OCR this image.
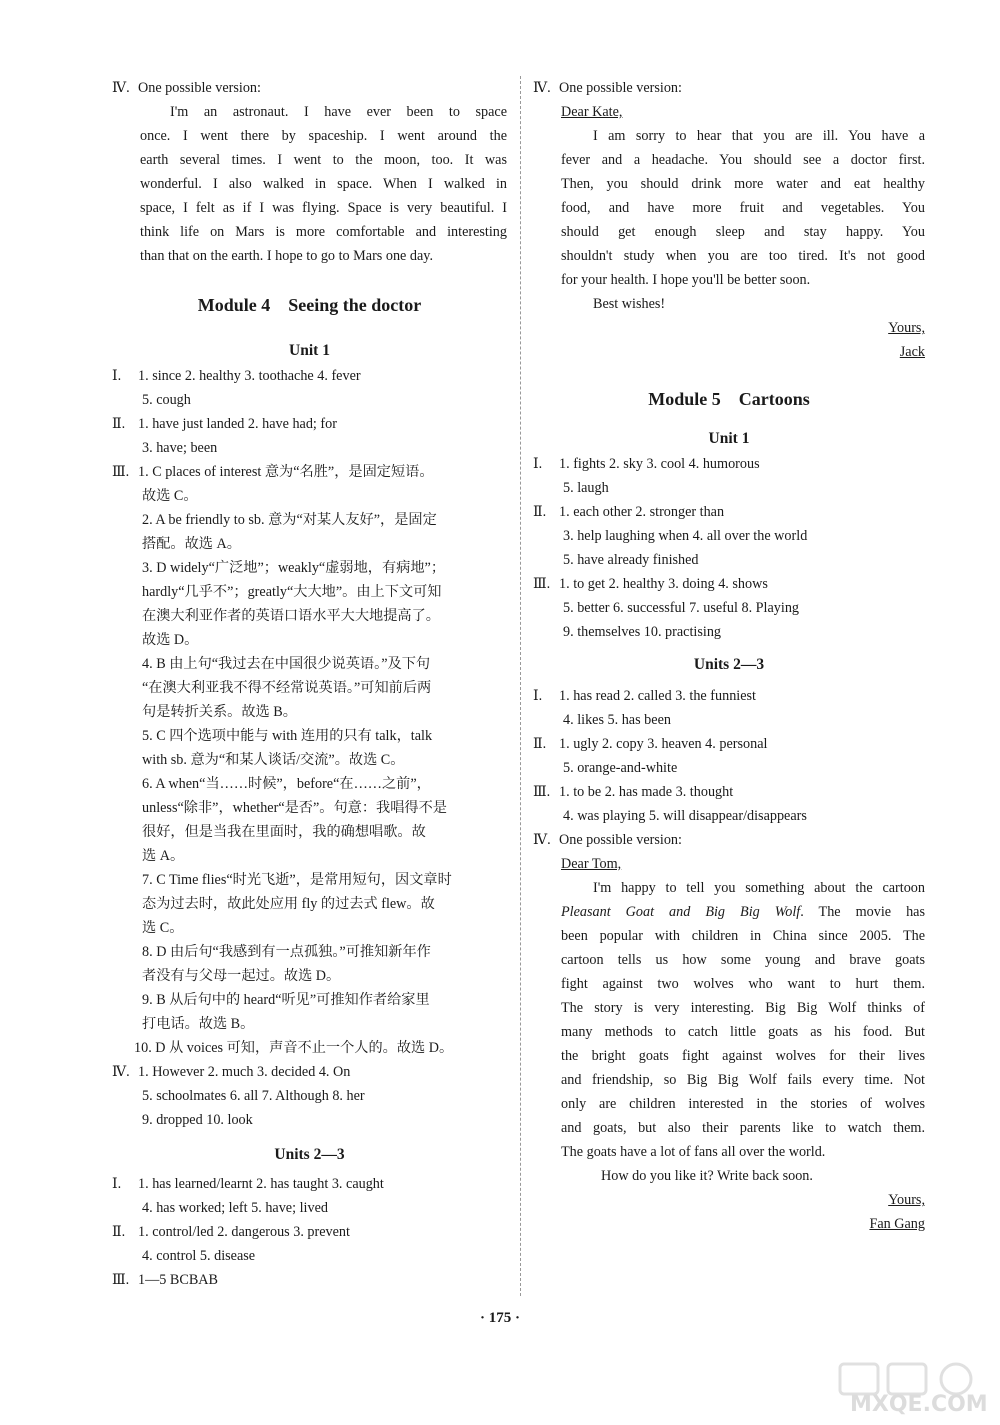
Ⅳ. One possible version:
I'm an astronaut. I have ever been to space
once. I went there by spaceship. I went around the
earth several times. I went to the moon, too. It was
wonderful. I also walked in space. When I walked in
space, I felt as if I was flying. Space is very beautiful. I
think life on Mars is more comfortable and interesting
than that on the earth. I hope to go to Mars one day.
Module 4    Seeing the doctor
Unit 1
Ⅰ. 1. since 2. healthy 3. toothache 4. fever
5. cough
Ⅱ. 1. have just landed 2. have had; for
3. have; been
Ⅲ. 1. C places of interest 意为“名胜”，是固定短语。
故选 C。
2. A be friendly to sb. 意为“对某人友好”，是固定
搭配。故选 A。
3. D widely“广泛地”；weakly“虚弱地，有病地”；
hardly“几乎不”；greatly“大大地”。由上下文可知
在澳大利亚作者的英语口语水平大大地提高了。
故选 D。
4. B 由上句“我过去在中国很少说英语。”及下句
“在澳大利亚我不得不经常说英语。”可知前后两
句是转折关系。故选 B。
5. C 四个选项中能与 with 连用的只有 talk，talk
with sb. 意为“和某人谈话/交流”。故选 C。
6. A when“当……时候”，before“在……之前”，
unless“除非”，whether“是否”。句意：我唱得不是
很好，但是当我在里面时，我的确想唱歌。故
选 A。
7. C Time flies“时光飞逝”，是常用短句，因文章时
态为过去时，故此处应用 fly 的过去式 flew。故
选 C。
8. D 由后句“我感到有一点孤独。”可推知新年作
者没有与父母一起过。故选 D。
9. B 从后句中的 heard“听见”可推知作者给家里
打电话。故选 B。
10. D 从 voices 可知，声音不止一个人的。故选 D。
Ⅳ. 1. However 2. much 3. decided 4. On
5. schoolmates 6. all 7. Although 8. her
9. dropped 10. look
Units 2—3
Ⅰ. 1. has learned/learnt 2. has taught 3. caught
4. has worked; left 5. have; lived
Ⅱ. 1. control/led 2. dangerous 3. prevent
4. control 5. disease
Ⅲ. 1—5 BCBAB
Ⅳ. One possible version:
Dear Kate,
I am sorry to hear that you are ill. You have a
fever and a headache. You should see a doctor first.
Then, you should drink more water and eat healthy
food, and have more fruit and vegetables. You
should get enough sleep and stay happy. You
shouldn't study when you are too tired. It's not good
for your health. I hope you'll be better soon.
Best wishes!
Yours,
Jack
Module 5    Cartoons
Unit 1
Ⅰ. 1. fights 2. sky 3. cool 4. humorous
5. laugh
Ⅱ. 1. each other 2. stronger than
3. help laughing when 4. all over the world
5. have already finished
Ⅲ. 1. to get 2. healthy 3. doing 4. shows
5. better 6. successful 7. useful 8. Playing
9. themselves 10. practising
Units 2—3
Ⅰ. 1. has read 2. called 3. the funniest
4. likes 5. has been
Ⅱ. 1. ugly 2. copy 3. heaven 4. personal
5. orange-and-white
Ⅲ. 1. to be 2. has made 3. thought
4. was playing 5. will disappear/disappears
Ⅳ. One possible version:
Dear Tom,
I'm happy to tell you something about the cartoon
Pleasant Goat and Big Big Wolf. The movie has
been popular with children in China since 2005. The
cartoon tells us how some young and brave goats
fight against two wolves who want to hurt them.
The story is very interesting. Big Big Wolf thinks of
many methods to catch little goats as his food. But
the bright goats fight against wolves for their lives
and friendship, so Big Big Wolf fails every time. Not
only are children interested in the stories of wolves
and goats, but also their parents like to watch them.
The goats have a lot of fans all over the world.
How do you like it? Write back soon.
Yours,
Fan Gang
· 175 ·
MXQE.COM
